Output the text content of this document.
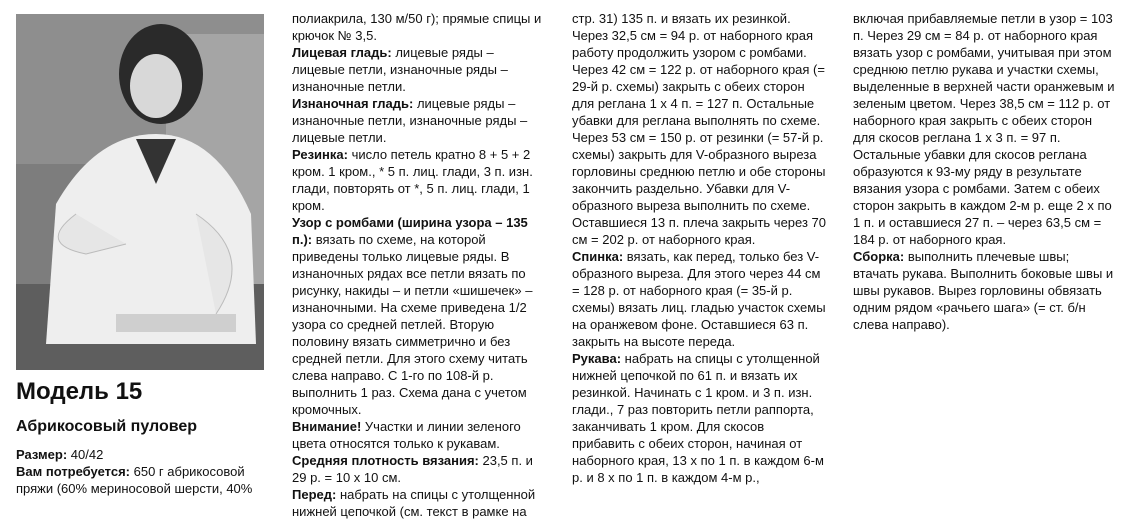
Модель 15
Абрикосовый пуловер

Размер: 40/42

Вам потребуется: 650 г абрикосовой пряжи (60% мериносовой шерсти, 40%

полиакрила, 130 м/50 г); прямые спицы и крючок № 3,5.

Лицевая гладь: лицевые ряды – лицевые петли, изнаночные ряды – изнаночные петли.

Изнаночная гладь: лицевые ряды – изнаночные петли, изнаночные ряды – лицевые петли.

Резинка: число петель кратно 8 + 5 + 2 кром. 1 кром., * 5 п. лиц. глади, 3 п. изн. глади, повторять от *, 5 п. лиц. глади, 1 кром.

Узор с ромбами (ширина узора – 135 п.): вязать по схеме, на которой приведены только лицевые ряды. В изнаночных рядах все петли вязать по рисунку, накиды – и петли «шишечек» – изнаночными. На схеме приведена 1/2 узора со средней петлей. Вторую половину вязать симметрично и без средней петли. Для этого схему читать слева направо. С 1-го по 108-й р. выполнить 1 раз. Схема дана с учетом кромочных.

Внимание! Участки и линии зеленого цвета относятся только к рукавам.

Средняя плотность вязания: 23,5 п. и 29 р. = 10 х 10 см.

Перед: набрать на спицы с утолщенной нижней цепочкой (см. текст в рамке на

стр. 31) 135 п. и вязать их резинкой. Через 32,5 см = 94 р. от наборного края работу продолжить узором с ромбами. Через 42 см = 122 р. от наборного края (= 29-й р. схемы) закрыть с обеих сторон для реглана 1 х 4 п. = 127 п. Остальные убавки для реглана выполнять по схеме. Через 53 см = 150 р. от резинки (= 57-й р. схемы) закрыть для V-образного выреза горловины среднюю петлю и обе стороны закончить раздельно. Убавки для V-образного выреза выполнить по схеме. Оставшиеся 13 п. плеча закрыть через 70 см = 202 р. от наборного края.

Спинка: вязать, как перед, только без V-образного выреза. Для этого через 44 см = 128 р. от наборного края (= 35-й р. схемы) вязать лиц. гладью участок схемы на оранжевом фоне. Оставшиеся 63 п. закрыть на высоте переда.

Рукава: набрать на спицы с утолщенной нижней цепочкой по 61 п. и вязать их резинкой. Начинать с 1 кром. и 3 п. изн. глади., 7 раз повторить петли раппорта, заканчивать 1 кром. Для скосов прибавить с обеих сторон, начиная от наборного края, 13 х по 1 п. в каждом 6-м р. и 8 х по 1 п. в каждом 4-м р.,

включая прибавляемые петли в узор = 103 п. Через 29 см = 84 р. от наборного края вязать узор с ромбами, учитывая при этом среднюю петлю рукава и участки схемы, выделенные в верхней части оранжевым и зеленым цветом. Через 38,5 см = 112 р. от наборного края закрыть с обеих сторон для скосов реглана 1 х 3 п. = 97 п. Остальные убавки для скосов реглана образуются к 93-му ряду в результате вязания узора с ромбами. Затем с обеих сторон закрыть в каждом 2-м р. еще 2 х по 1 п. и оставшиеся 27 п. – через 63,5 см = 184 р. от наборного края.

Сборка: выполнить плечевые швы; втачать рукава. Выполнить боковые швы и швы рукавов. Вырез горловины обвязать одним рядом «рачьего шага» (= ст. б/н слева направо).
